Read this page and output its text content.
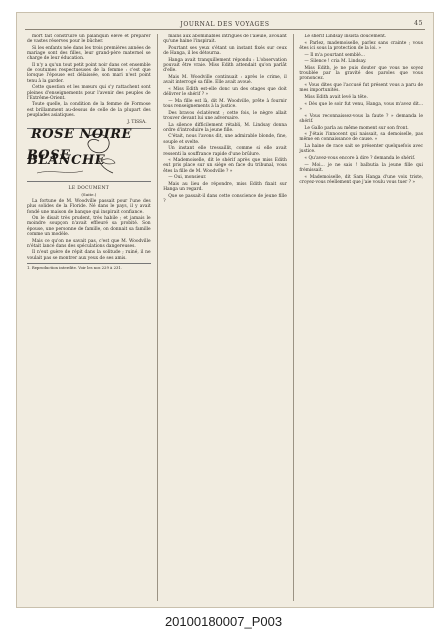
JOURNAL DES VOYAGES	45

mort fait construire un palanquin élevé et préparer de vastes réserves pour le bûcher.

Si les enfants née dans les trois premières années de mariage sont des filles, leur grand-père maternel se charge de leur éducation.

Il n'y a qu'un tout petit point noir dans cet ensemble de coutumes respectueuses de la femme : c'est que lorsque l'épouse est délaissée, son mari n'est point tenu à la garder.

Cette question et les mœurs qui s'y rattachent sont pleines d'enseignements pour l'avenir des peuples de l'Extrême-Orient.

Toute quelle, la condition de la femme de Formose est brillamment au-dessus de celle de la plupart des peuplades asiatiques.

J. TISSA.
ROSE NOIRE
ROSE BLANCHE
LE DOCUMENT
(Suite.)

La fortune de M. Woodville passait pour l'une des plus solides de la Floride. Né dans le pays, il y avait fondé une maison de banque qui inspirait confiance.

On le disait très prudent, très habile ; et jamais le moindre soupçon n'avait effleuré sa probité. Son épouse, une personne de famille, on donnait sa famille comme un modèle.

Mais ce qu'on ne savait pas, c'est que M. Woodville n'était lancé dans des spéculations dangereuses.

Il n'eut guère de répit dans la solitude ; ruiné, il ne voulait pas se montrer aux yeux de ses amis.

1. Reproduction interdite. Voir les nos 229 à 231.

mains aux abominables intrigues de l'aïeule, avouant qu'une haine l'inspirait.

Pourtant ses yeux s'étant un instant fixés sur ceux de Hanga, il les détourna.

Hanga avait tranquillement répondu : L'observation pouvait être vraie. Miss Edith attendait qu'on parlât d'elle.

Mais M. Woodville continuait : après le crime, il avait interrogé sa fille. Elle avait avoué.

« Miss Edith est-elle donc un des otages que doit délivrer le shérif ? »

— Ma fille est là, dit M. Woodville, prête à fournir tous renseignements à la justice.

Des bravos éclatèrent ; cette fois, le nègre allait trouver devant lui une adversaire.

La silence difficilement rétabli, M. Lindsay donna ordre d'introduire la jeune fille.

C'était, nous l'avons dit, une admirable blonde, fine, souple et svelte.

Un instant elle tressaillit, comme si elle avait ressenti la souffrance rapide d'une brûlure.

« Mademoiselle, dit le shérif après que miss Edith eut pris place sur un siège en face du tribunal, vous êtes la fille de M. Woodville ? »

— Oui, monsieur.

Mais au lieu de répondre, miss Edith fixait sur Hanga un regard.

Que se passait-il dans cette conscience de jeune fille ?

Le shérif Lindsay insista doucement.

« Parlez, mademoiselle, parlez sans crainte ; vous êtes ici sous la protection de la loi. »

— Il m'a pourtant semblé...

— Silence ! cria M. Lindsay.

Miss Edith, je ne puis douter que vous ne soyez troublée par la gravité des paroles que vous prononcez.

« Vous dites que l'accusé fut présent vous a paru de mes importunités.

Miss Edith avait levé la tête.

« Dès que le soir fut venu, Hanga, vous m'avez dit... »

« Vous reconnaissez-vous la faute ? » demanda le shérif.

Le Gallo parla au même moment sur son front.

« J'étais l'innocent qui naissait, sa demoiselle, pas même en connaissance de cause. »

La haine de race sait se présenter quelquefois avec justice.

« Qu'avez-vous encore à dire ? demanda le shérif.

— Moi... je ne sais ! balbutia la jeune fille qui frémissait.

« Mademoiselle, dit Sam Hanga d'une voix triste, croyez-vous réellement que j'aie voulu vous tuer ? »

20100180007_P003
